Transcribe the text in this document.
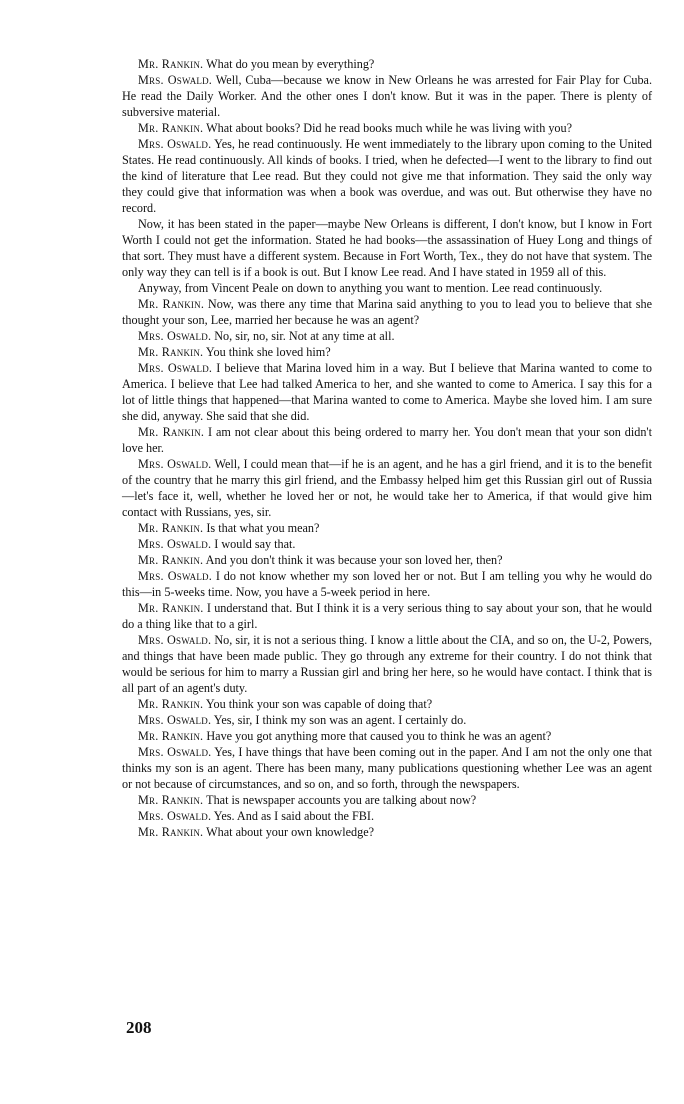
Mr. Rankin. What do you mean by everything?

Mrs. Oswald. Well, Cuba—because we know in New Orleans he was arrested for Fair Play for Cuba. He read the Daily Worker. And the other ones I don't know. But it was in the paper. There is plenty of subversive material.

Mr. Rankin. What about books? Did he read books much while he was living with you?

Mrs. Oswald. Yes, he read continuously. He went immediately to the library upon coming to the United States. He read continuously. All kinds of books. I tried, when he defected—I went to the library to find out the kind of literature that Lee read. But they could not give me that information. They said the only way they could give that information was when a book was overdue, and was out. But otherwise they have no record.

Now, it has been stated in the paper—maybe New Orleans is different, I don't know, but I know in Fort Worth I could not get the information. Stated he had books—the assassination of Huey Long and things of that sort. They must have a different system. Because in Fort Worth, Tex., they do not have that system. The only way they can tell is if a book is out. But I know Lee read. And I have stated in 1959 all of this.

Anyway, from Vincent Peale on down to anything you want to mention. Lee read continuously.

Mr. Rankin. Now, was there any time that Marina said anything to you to lead you to believe that she thought your son, Lee, married her because he was an agent?

Mrs. Oswald. No, sir, no, sir. Not at any time at all.

Mr. Rankin. You think she loved him?

Mrs. Oswald. I believe that Marina loved him in a way. But I believe that Marina wanted to come to America. I believe that Lee had talked America to her, and she wanted to come to America. I say this for a lot of little things that happened—that Marina wanted to come to America. Maybe she loved him. I am sure she did, anyway. She said that she did.

Mr. Rankin. I am not clear about this being ordered to marry her. You don't mean that your son didn't love her.

Mrs. Oswald. Well, I could mean that—if he is an agent, and he has a girl friend, and it is to the benefit of the country that he marry this girl friend, and the Embassy helped him get this Russian girl out of Russia—let's face it, well, whether he loved her or not, he would take her to America, if that would give him contact with Russians, yes, sir.

Mr. Rankin. Is that what you mean?

Mrs. Oswald. I would say that.

Mr. Rankin. And you don't think it was because your son loved her, then?

Mrs. Oswald. I do not know whether my son loved her or not. But I am telling you why he would do this—in 5-weeks time. Now, you have a 5-week period in here.

Mr. Rankin. I understand that. But I think it is a very serious thing to say about your son, that he would do a thing like that to a girl.

Mrs. Oswald. No, sir, it is not a serious thing. I know a little about the CIA, and so on, the U-2, Powers, and things that have been made public. They go through any extreme for their country. I do not think that would be serious for him to marry a Russian girl and bring her here, so he would have contact. I think that is all part of an agent's duty.

Mr. Rankin. You think your son was capable of doing that?

Mrs. Oswald. Yes, sir, I think my son was an agent. I certainly do.

Mr. Rankin. Have you got anything more that caused you to think he was an agent?

Mrs. Oswald. Yes, I have things that have been coming out in the paper. And I am not the only one that thinks my son is an agent. There has been many, many publications questioning whether Lee was an agent or not because of circumstances, and so on, and so forth, through the newspapers.

Mr. Rankin. That is newspaper accounts you are talking about now?

Mrs. Oswald. Yes. And as I said about the FBI.

Mr. Rankin. What about your own knowledge?

208
